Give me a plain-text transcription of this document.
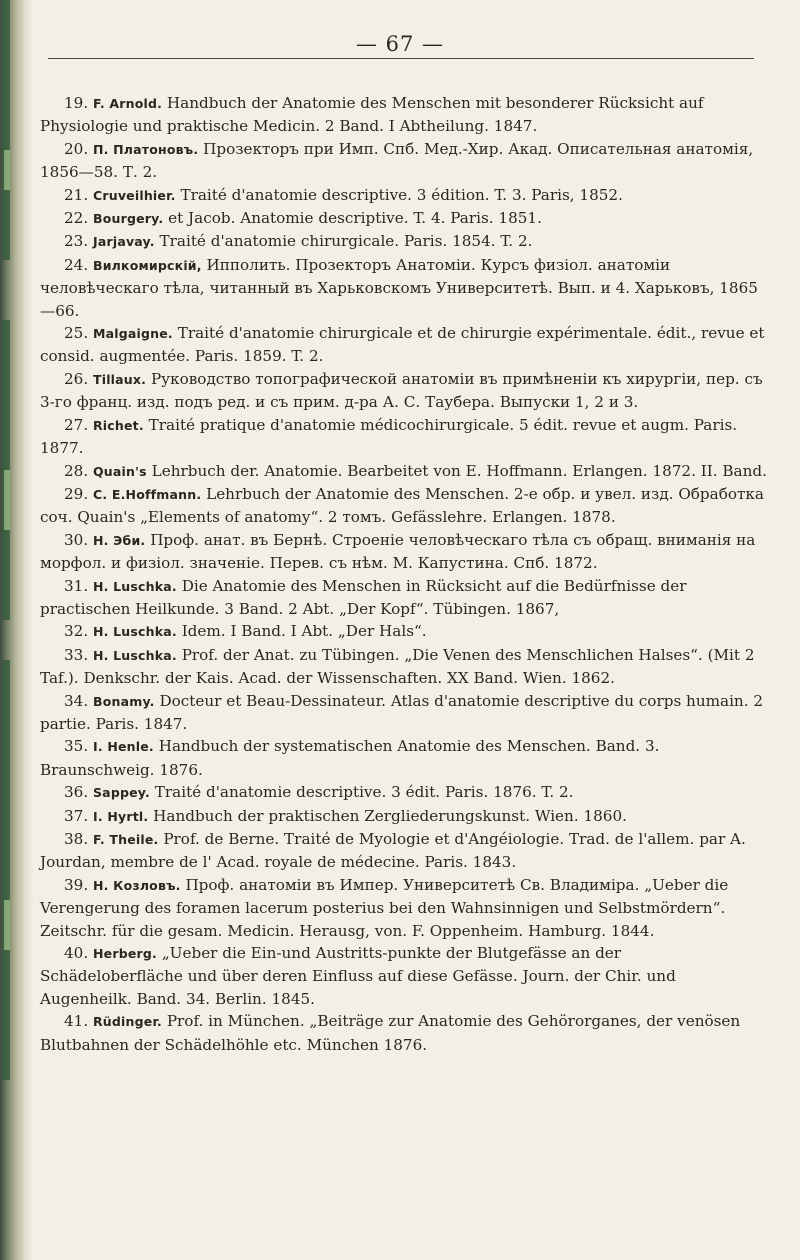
— 67 —

19. F. Arnold. Handbuch der Anatomie des Menschen mit besonderer Rücksicht auf Physiologie und praktische Medicin. 2 Band. I Abtheilung. 1847.

20. П. Платоновъ. Прозекторъ при Имп. Спб. Мед.-Хир. Акад. Описательная анатомія, 1856—58. Т. 2.

21. Cruveilhier. Traité d'anatomie descriptive. 3 édition. T. 3. Paris, 1852.

22. Bourgery. et Jacob. Anatomie descriptive. T. 4. Paris. 1851.

23. Jarjavay. Traité d'anatomie chirurgicale. Paris. 1854. T. 2.

24. Вилкомирскій, Ипполить. Прозекторъ Анатоміи. Курсъ физіол. анатоміи человѣческаго тѣла, читанный въ Харьковскомъ Университетѣ. Вып. и 4. Харьковъ, 1865—66.

25. Malgaigne. Traité d'anatomie chirurgicale et de chirurgie expérimentale. édit., revue et consid. augmentée. Paris. 1859. T. 2.

26. Tillaux. Руководство топографической анатоміи въ примѣненіи къ хирургіи, пер. съ 3-го франц. изд. подъ ред. и съ прим. д-ра А. С. Таубера. Выпуски 1, 2 и 3.

27. Richet. Traité pratique d'anatomie médicochirurgicale. 5 édit. revue et augm. Paris. 1877.

28. Quain's Lehrbuch der. Anatomie. Bearbeitet von E. Hoffmann. Erlangen. 1872. II. Band.

29. С. E.Hoffmann. Lehrbuch der Anatomie des Menschen. 2-е обр. и увел. изд. Обработка соч. Quain's „Elements of anatomy“. 2 томъ. Gefässlehre. Erlangen. 1878.

30. Н. Эби. Проф. анат. въ Бернѣ. Строеніе человѣческаго тѣла съ обращ. вниманія на морфол. и физіол. значеніе. Перев. съ нѣм. М. Капустина. Спб. 1872.

31. H. Luschka. Die Anatomie des Menschen in Rücksicht auf die Bedürfnisse der practischen Heilkunde. 3 Band. 2 Abt. „Der Kopf“. Tübingen. 1867,

32. H. Luschka. Idem. I Band. I Abt. „Der Hals“.

33. H. Luschka. Prof. der Anat. zu Tübingen. „Die Venen des Menschlichen Halses“. (Mit 2 Taf.). Denkschr. der Kais. Acad. der Wissenschaften. XX Band. Wien. 1862.

34. Bonamy. Docteur et Beau-Dessinateur. Atlas d'anatomie descriptive du corps humain. 2 partie. Paris. 1847.

35. I. Henle. Handbuch der systematischen Anatomie des Menschen. Band. 3. Braunschweig. 1876.

36. Sappey. Traité d'anatomie descriptive. 3 édit. Paris. 1876. T. 2.

37. I. Hyrtl. Handbuch der praktischen Zergliederungskunst. Wien. 1860.

38. F. Theile. Prof. de Berne. Traité de Myologie et d'Angéiologie. Trad. de l'allem. par A. Jourdan, membre de l' Acad. royale de médecine. Paris. 1843.

39. Н. Козловъ. Проф. анатоміи въ Импер. Университетѣ Св. Владиміра. „Ueber die Verengerung des foramen lacerum posterius bei den Wahnsinnigen und Selbstmördern“. Zeitschr. für die gesam. Medicin. Herausg, von. F. Oppenheim. Hamburg. 1844.

40. Herberg. „Ueber die Ein-und Austritts-punkte der Blutgefässe an der Schädeloberfläche und über deren Einfluss auf diese Gefässe. Journ. der Chir. und Augenheilk. Band. 34. Berlin. 1845.

41. Rüdinger. Prof. in München. „Beiträge zur Anatomie des Gehörorganes, der venösen Blutbahnen der Schädelhöhle etc. München 1876.
